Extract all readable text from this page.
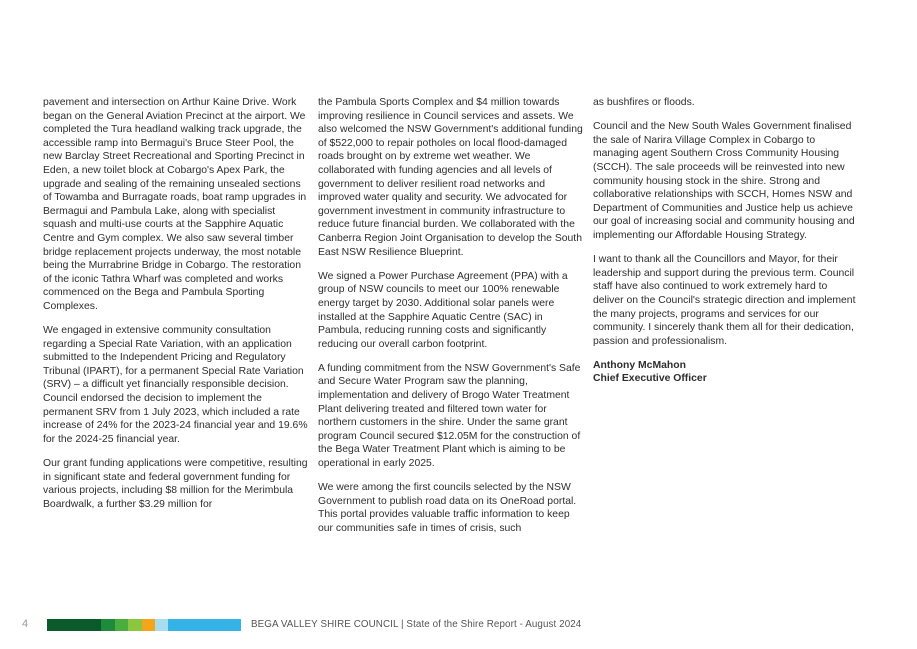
pavement and intersection on Arthur Kaine Drive. Work began on the General Aviation Precinct at the airport. We completed the Tura headland walking track upgrade, the accessible ramp into Bermagui's Bruce Steer Pool, the new Barclay Street Recreational and Sporting Precinct in Eden, a new toilet block at Cobargo's Apex Park, the upgrade and sealing of the remaining unsealed sections of Towamba and Burragate roads, boat ramp upgrades in Bermagui and Pambula Lake, along with specialist squash and multi-use courts at the Sapphire Aquatic Centre and Gym complex. We also saw several timber bridge replacement projects underway, the most notable being the Murrabrine Bridge in Cobargo. The restoration of the iconic Tathra Wharf was completed and works commenced on the Bega and Pambula Sporting Complexes.

We engaged in extensive community consultation regarding a Special Rate Variation, with an application submitted to the Independent Pricing and Regulatory Tribunal (IPART), for a permanent Special Rate Variation (SRV) – a difficult yet financially responsible decision. Council endorsed the decision to implement the permanent SRV from 1 July 2023, which included a rate increase of 24% for the 2023-24 financial year and 19.6% for the 2024-25 financial year.

Our grant funding applications were competitive, resulting in significant state and federal government funding for various projects, including $8 million for the Merimbula Boardwalk, a further $3.29 million for

the Pambula Sports Complex and $4 million towards improving resilience in Council services and assets. We also welcomed the NSW Government's additional funding of $522,000 to repair potholes on local flood-damaged roads brought on by extreme wet weather. We collaborated with funding agencies and all levels of government to deliver resilient road networks and improved water quality and security. We advocated for government investment in community infrastructure to reduce future financial burden. We collaborated with the Canberra Region Joint Organisation to develop the South East NSW Resilience Blueprint.

We signed a Power Purchase Agreement (PPA) with a group of NSW councils to meet our 100% renewable energy target by 2030. Additional solar panels were installed at the Sapphire Aquatic Centre (SAC) in Pambula, reducing running costs and significantly reducing our overall carbon footprint.

A funding commitment from the NSW Government's Safe and Secure Water Program saw the planning, implementation and delivery of Brogo Water Treatment Plant delivering treated and filtered town water for northern customers in the shire. Under the same grant program Council secured $12.05M for the construction of the Bega Water Treatment Plant which is aiming to be operational in early 2025.

We were among the first councils selected by the NSW Government to publish road data on its OneRoad portal. This portal provides valuable traffic information to keep our communities safe in times of crisis, such

as bushfires or floods.

Council and the New South Wales Government finalised the sale of Narira Village Complex in Cobargo to managing agent Southern Cross Community Housing (SCCH). The sale proceeds will be reinvested into new community housing stock in the shire. Strong and collaborative relationships with SCCH, Homes NSW and Department of Communities and Justice help us achieve our goal of increasing social and community housing and implementing our Affordable Housing Strategy.

I want to thank all the Councillors and Mayor, for their leadership and support during the previous term. Council staff have also continued to work extremely hard to deliver on the Council's strategic direction and implement the many projects, programs and services for our community. I sincerely thank them all for their dedication, passion and professionalism.

Anthony McMahon
Chief Executive Officer
4	BEGA VALLEY SHIRE COUNCIL | State of the Shire Report - August 2024
